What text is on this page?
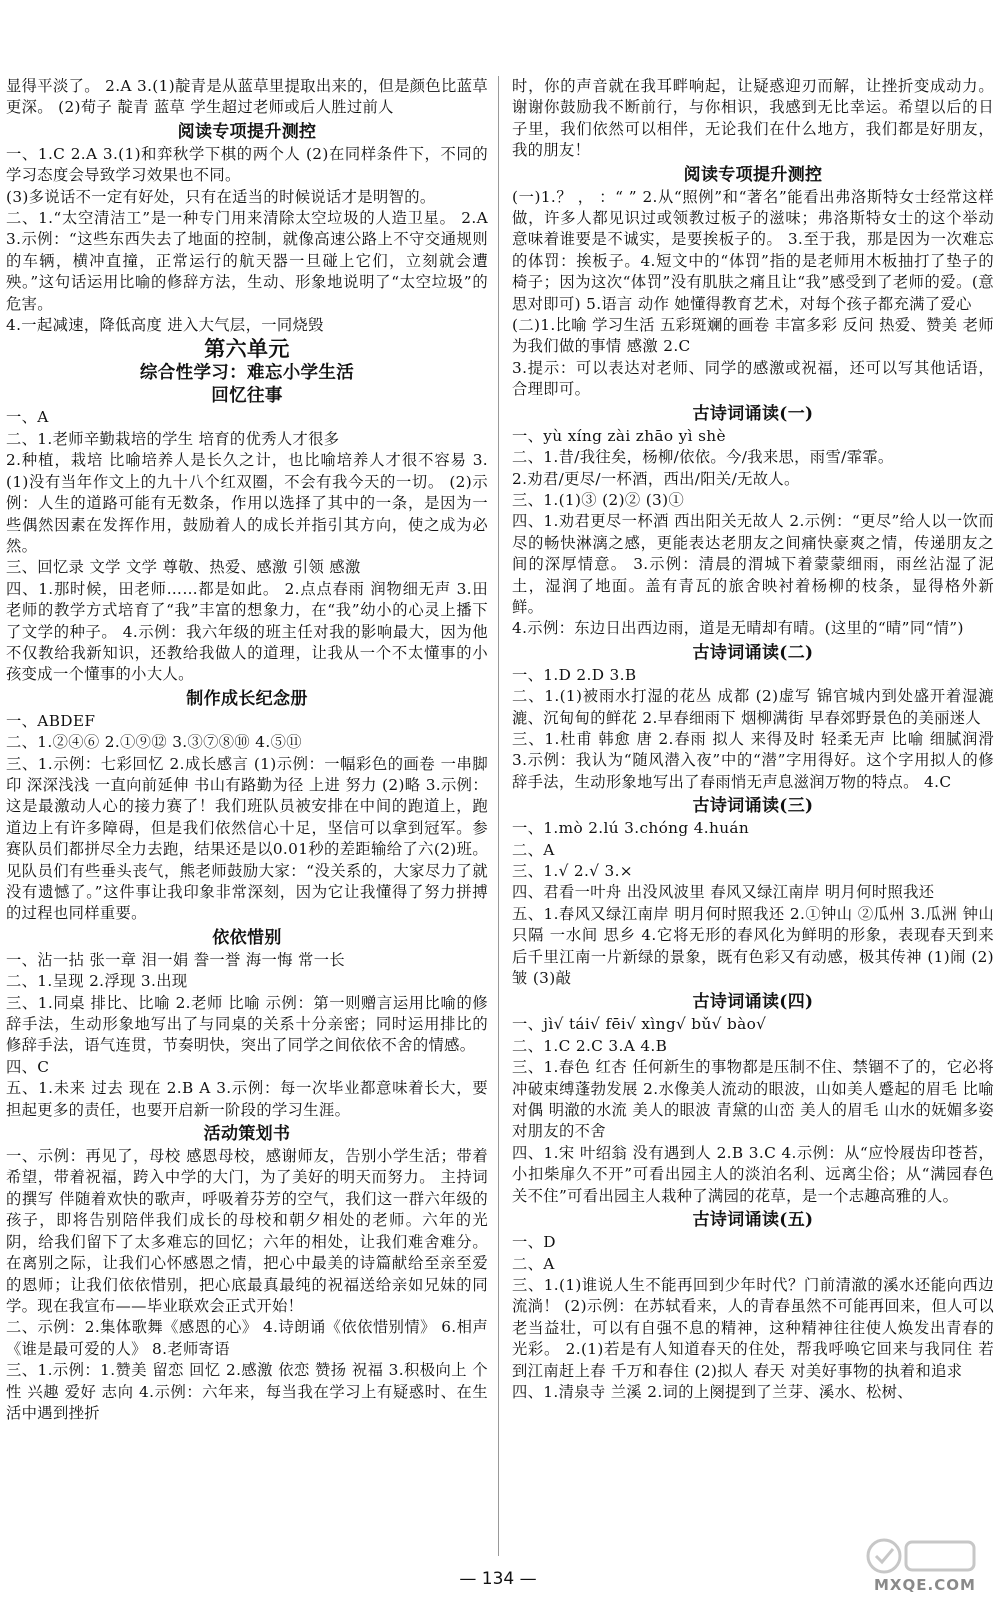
显得平淡了。 2.A 3.(1)靛青是从蓝草里提取出来的，但是颜色比蓝草更深。 (2)荀子 靛青 蓝草 学生超过老师或后人胜过前人
阅读专项提升测控
一、1.C 2.A 3.(1)和弈秋学下棋的两个人 (2)在同样条件下，不同的学习态度会导致学习效果也不同。
(3)多说话不一定有好处，只有在适当的时候说话才是明智的。
二、1.“太空清洁工”是一种专门用来清除太空垃圾的人造卫星。 2.A 3.示例：“这些东西失去了地面的控制，就像高速公路上不守交通规则的车辆，横冲直撞，正常运行的航天器一旦碰上它们，立刻就会遭殃。”这句话运用比喻的修辞方法，生动、形象地说明了“太空垃圾”的危害。
4.一起减速，降低高度 进入大气层，一同烧毁
第六单元
综合性学习：难忘小学生活
回忆往事
一、A
二、1.老师辛勤栽培的学生 培育的优秀人才很多
2.种植，栽培 比喻培养人是长久之计，也比喻培养人才很不容易 3.(1)没有当年作文上的九十八个红双圈，不会有我今天的一切。 (2)示例：人生的道路可能有无数条，作用以选择了其中的一条，是因为一些偶然因素在发挥作用，鼓励着人的成长并指引其方向，使之成为必然。
三、回忆录 文学 文学 尊敬、热爱、感激 引领 感激
四、1.那时候，田老师……都是如此。 2.点点春雨 润物细无声 3.田老师的教学方式培育了“我”丰富的想象力，在“我”幼小的心灵上播下了文学的种子。 4.示例：我六年级的班主任对我的影响最大，因为他不仅教给我新知识，还教给我做人的道理，让我从一个不太懂事的小孩变成一个懂事的小大人。
制作成长纪念册
一、ABDEF
二、1.②④⑥ 2.①⑨⑫ 3.③⑦⑧⑩ 4.⑤⑪
三、1.示例：七彩回忆 2.成长感言 (1)示例：一幅彩色的画卷 一串脚印 深深浅浅 一直向前延伸 书山有路勤为径 上进 努力 (2)略 3.示例：这是最激动人心的接力赛了！我们班队员被安排在中间的跑道上，跑道边上有许多障碍，但是我们依然信心十足，坚信可以拿到冠军。参赛队员们都拼尽全力去跑，结果还是以0.01秒的差距输给了六(2)班。见队员们有些垂头丧气，熊老师鼓励大家：“没关系的，大家尽力了就没有遗憾了。”这件事让我印象非常深刻，因为它让我懂得了努力拼搏的过程也同样重要。
依依惜别
一、沾一拈 张一章 泪一娟 誊一誉 海一悔 常一长
二、1.呈现 2.浮现 3.出现
三、1.同桌 排比、比喻 2.老师 比喻 示例：第一则赠言运用比喻的修辞手法，生动形象地写出了与同桌的关系十分亲密；同时运用排比的修辞手法，语气连贯，节奏明快，突出了同学之间依依不舍的情感。
四、C
五、1.未来 过去 现在 2.B A 3.示例：每一次毕业都意味着长大，要担起更多的责任，也要开启新一阶段的学习生涯。
活动策划书
一、示例：再见了，母校 感恩母校，感谢师友，告别小学生活；带着希望，带着祝福，跨入中学的大门，为了美好的明天而努力。 主持词的撰写 伴随着欢快的歌声，呼吸着芬芳的空气，我们这一群六年级的孩子，即将告别陪伴我们成长的母校和朝夕相处的老师。六年的光阴，给我们留下了太多难忘的回忆；六年的相处，让我们难舍难分。在离别之际，让我们心怀感恩之情，把心中最美的诗篇献给至亲至爱的恩师；让我们依依惜别，把心底最真最纯的祝福送给亲如兄妹的同学。现在我宣布——毕业联欢会正式开始！
二、示例：2.集体歌舞《感恩的心》 4.诗朗诵《依依惜别情》 6.相声《谁是最可爱的人》 8.老师寄语
三、1.示例：1.赞美 留恋 回忆 2.感激 依恋 赞扬 祝福 3.积极向上 个性 兴趣 爱好 志向 4.示例：六年来，每当我在学习上有疑惑时、在生活中遇到挫折
时，你的声音就在我耳畔响起，让疑惑迎刃而解，让挫折变成动力。谢谢你鼓励我不断前行，与你相识，我感到无比幸运。希望以后的日子里，我们依然可以相伴，无论我们在什么地方，我们都是好朋友，我的朋友！
阅读专项提升测控
(一)1.？ ， ：“ ” 2.从“照例”和“著名”能看出弗洛斯特女士经常这样做，许多人都见识过或领教过板子的滋味；弗洛斯特女士的这个举动意味着谁要是不诚实，是要挨板子的。 3.至于我，那是因为一次难忘的体罚：挨板子。4.短文中的“体罚”指的是老师用木板抽打了垫子的椅子；因为这次“体罚”没有肌肤之痛且让“我”感受到了老师的爱。(意思对即可) 5.语言 动作 她懂得教育艺术，对每个孩子都充满了爱心
(二)1.比喻 学习生活 五彩斑斓的画卷 丰富多彩 反问 热爱、赞美 老师为我们做的事情 感激 2.C
3.提示：可以表达对老师、同学的感激或祝福，还可以写其他话语，合理即可。
古诗词诵读(一)
一、yù xíng zài zhāo yì shè
二、1.昔/我往矣，杨柳/依依。今/我来思，雨雪/霏霏。
2.劝君/更尽/一杯酒，西出/阳关/无故人。
三、1.(1)③ (2)② (3)①
四、1.劝君更尽一杯酒 西出阳关无故人 2.示例：“更尽”给人以一饮而尽的畅快淋漓之感，更能表达老朋友之间痛快豪爽之情，传递朋友之间的深厚情意。 3.示例：清晨的渭城下着蒙蒙细雨，雨丝沾湿了泥土，湿润了地面。盖有青瓦的旅舍映衬着杨柳的枝条，显得格外新鲜。
4.示例：东边日出西边雨，道是无晴却有晴。(这里的“晴”同“情”)
古诗词诵读(二)
一、1.D 2.D 3.B
二、1.(1)被雨水打湿的花丛 成都 (2)虚写 锦官城内到处盛开着湿漉漉、沉甸甸的鲜花 2.早春细雨下 烟柳满街 早春郊野景色的美丽迷人
三、1.杜甫 韩愈 唐 2.春雨 拟人 来得及时 轻柔无声 比喻 细腻润滑 3.示例：我认为“随风潜入夜”中的“潜”字用得好。这个字用拟人的修辞手法，生动形象地写出了春雨悄无声息滋润万物的特点。 4.C
古诗词诵读(三)
一、1.mò 2.lú 3.chóng 4.huán
二、A
三、1.√ 2.√ 3.×
四、君看一叶舟 出没风波里 春风又绿江南岸 明月何时照我还
五、1.春风又绿江南岸 明月何时照我还 2.①钟山 ②瓜州 3.瓜洲 钟山 只隔 一水间 思乡 4.它将无形的春风化为鲜明的形象，表现春天到来后千里江南一片新绿的景象，既有色彩又有动感，极其传神 (1)闹 (2)皱 (3)敲
古诗词诵读(四)
一、jì√ tái√ fēi√ xìng√ bǔ√ bào√
二、1.C 2.C 3.A 4.B
三、1.春色 红杏 任何新生的事物都是压制不住、禁锢不了的，它必将冲破束缚蓬勃发展 2.水像美人流动的眼波，山如美人蹙起的眉毛 比喻 对偶 明澈的水流 美人的眼波 青黛的山峦 美人的眉毛 山水的妩媚多姿 对朋友的不舍
四、1.宋 叶绍翁 没有遇到人 2.B 3.C 4.示例：从“应怜屐齿印苍苔，小扣柴扉久不开”可看出园主人的淡泊名利、远离尘俗；从“满园春色关不住”可看出园主人栽种了满园的花草，是一个志趣高雅的人。
古诗词诵读(五)
一、D
二、A
三、1.(1)谁说人生不能再回到少年时代？门前清澈的溪水还能向西边流淌！ (2)示例：在苏轼看来，人的青春虽然不可能再回来，但人可以老当益壮，可以有自强不息的精神，这种精神往往使人焕发出青春的光彩。 2.(1)若是有人知道春天的住处，帮我呼唤它回来与我同住 若到江南赶上春 千万和春住 (2)拟人 春天 对美好事物的执着和追求
四、1.清泉寺 兰溪 2.词的上阕提到了兰芽、溪水、松树、
MXQE.COM
— 134 —
